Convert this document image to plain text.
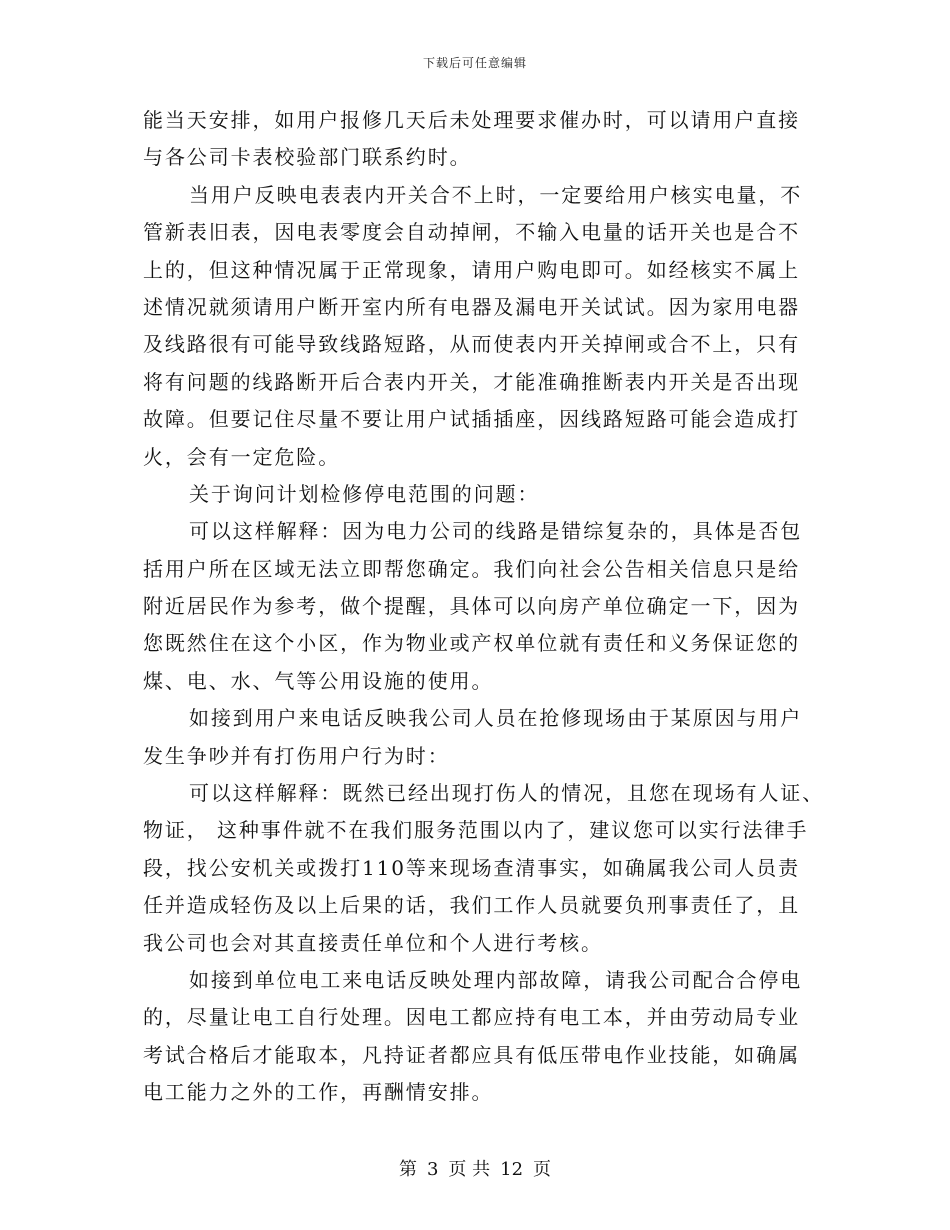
下载后可任意编辑
能当天安排，如用户报修几天后未处理要求催办时，可以请用户直接
与各公司卡表校验部门联系约时。
当用户反映电表表内开关合不上时，一定要给用户核实电量，不
管新表旧表，因电表零度会自动掉闸，不输入电量的话开关也是合不
上的，但这种情况属于正常现象，请用户购电即可。如经核实不属上
述情况就须请用户断开室内所有电器及漏电开关试试。因为家用电器
及线路很有可能导致线路短路，从而使表内开关掉闸或合不上，只有
将有问题的线路断开后合表内开关，才能准确推断表内开关是否出现
故障。但要记住尽量不要让用户试插插座，因线路短路可能会造成打
火，会有一定危险。
关于询问计划检修停电范围的问题：
可以这样解释：因为电力公司的线路是错综复杂的，具体是否包
括用户所在区域无法立即帮您确定。我们向社会公告相关信息只是给
附近居民作为参考，做个提醒，具体可以向房产单位确定一下，因为
您既然住在这个小区，作为物业或产权单位就有责任和义务保证您的
煤、电、水、气等公用设施的使用。
如接到用户来电话反映我公司人员在抢修现场由于某原因与用户
发生争吵并有打伤用户行为时：
可以这样解释：既然已经出现打伤人的情况，且您在现场有人证、
物证， 这种事件就不在我们服务范围以内了，建议您可以实行法律手
段，找公安机关或拨打110等来现场查清事实，如确属我公司人员责
任并造成轻伤及以上后果的话，我们工作人员就要负刑事责任了，且
我公司也会对其直接责任单位和个人进行考核。
如接到单位电工来电话反映处理内部故障，请我公司配合合停电
的，尽量让电工自行处理。因电工都应持有电工本，并由劳动局专业
考试合格后才能取本，凡持证者都应具有低压带电作业技能，如确属
电工能力之外的工作，再酬情安排。
第 3 页 共 12 页
